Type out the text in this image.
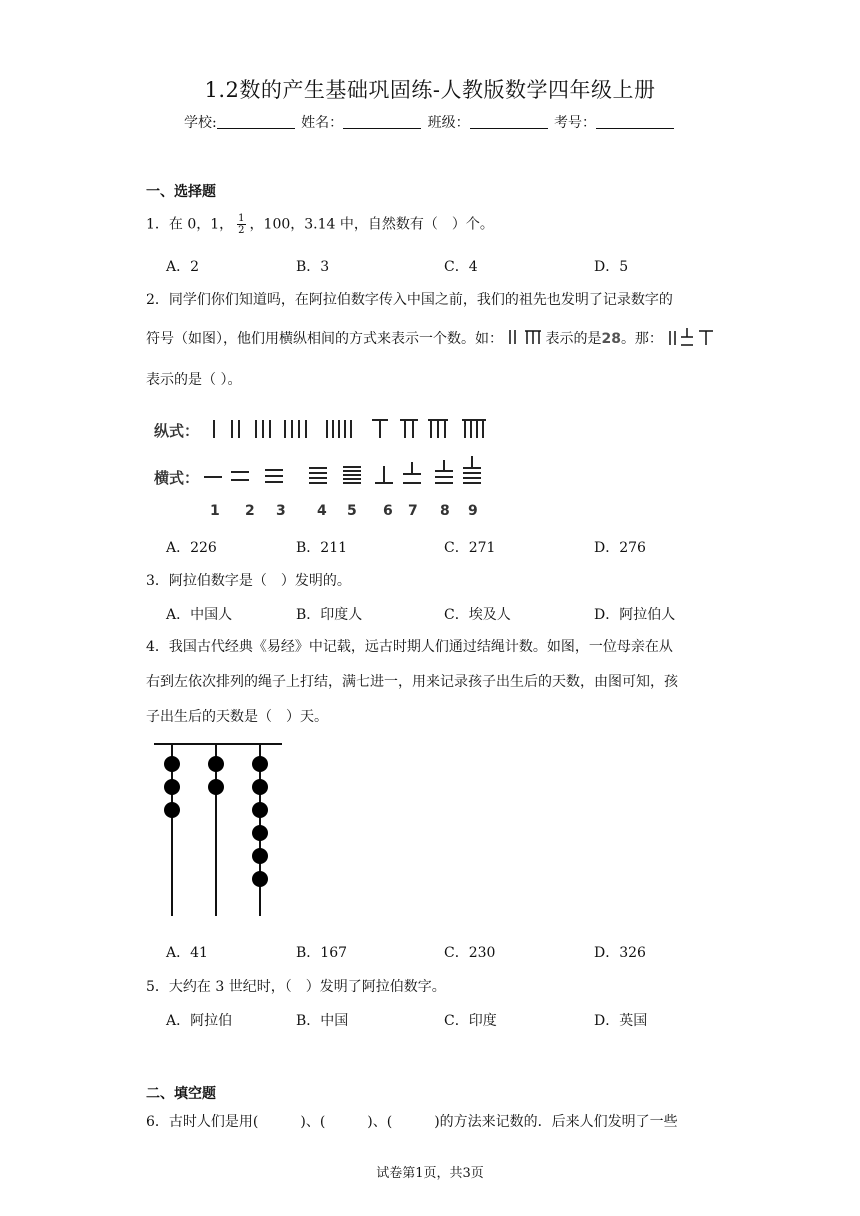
1.2数的产生基础巩固练-人教版数学四年级上册
学校:	姓名：	班级：	考号：
一、选择题
1．在 0，1， $\frac{1}{2}$ ，100，3.14 中，自然数有（　）个。
A．2	B．3	C．4	D．5
2．同学们你们知道吗，在阿拉伯数字传入中国之前，我们的祖先也发明了记录数字的
符号（如图），他们用横纵相间的方式来表示一个数。如：	表示的是28。那：
表示的是（ ）。
纵式：
横式：
1 2 3 4 5 6 7 8 9
A．226	B．211	C．271	D．276
3．阿拉伯数字是（　）发明的。
A．中国人	B．印度人	C．埃及人	D．阿拉伯人
4．我国古代经典《易经》中记载，远古时期人们通过结绳计数。如图，一位母亲在从
右到左依次排列的绳子上打结，满七进一，用来记录孩子出生后的天数，由图可知，孩
子出生后的天数是（　）天。
A．41	B．167	C．230	D．326
5．大约在 3 世纪时，（　）发明了阿拉伯数字。
A．阿拉伯	B．中国	C．印度	D．英国
二、填空题
6．古时人们是用(　　　)、(　　　)、(　　　)的方法来记数的．后来人们发明了一些
试卷第1页，共3页
